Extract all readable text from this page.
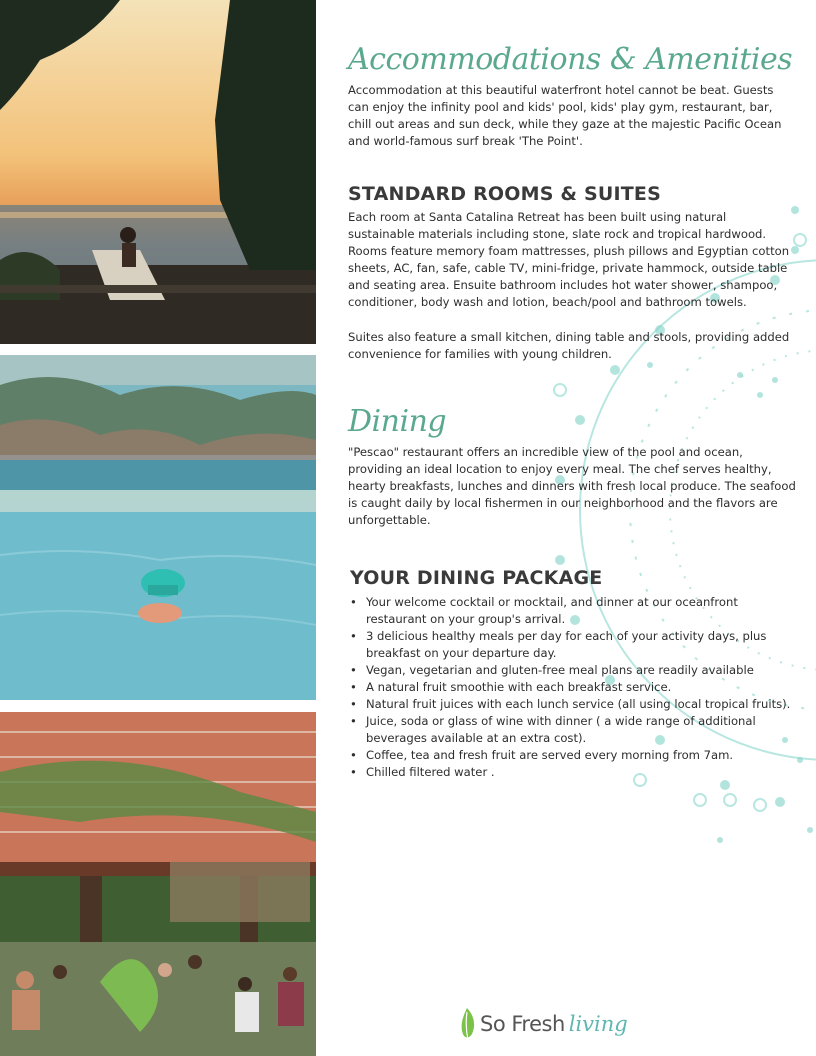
Accommodations & Amenities

Accommodation at this beautiful waterfront hotel cannot be beat. Guests can enjoy the infinity pool and kids' pool, kids' play gym, restaurant, bar, chill out areas and sun deck, while they gaze at the majestic Pacific Ocean and world-famous surf break 'The Point'.

STANDARD ROOMS & SUITES

Each room at Santa Catalina Retreat has been built using natural sustainable materials including stone, slate rock and tropical hardwood. Rooms feature memory foam mattresses, plush pillows and Egyptian cotton sheets, AC, fan, safe, cable TV, mini-fridge, private hammock, outside table and seating area. Ensuite bathroom includes hot water shower, shampoo, conditioner, body wash and lotion, beach/pool and bathroom towels.

Suites also feature a small kitchen, dining table and stools, providing added convenience for families with young children.

Dining

"Pescao" restaurant offers an incredible view of the pool and ocean, providing an ideal location to enjoy every meal. The chef serves healthy, hearty breakfasts, lunches and dinners with fresh local produce. The seafood is caught daily by local fishermen in our neighborhood and the flavors are unforgettable.

YOUR DINING PACKAGE
• Your welcome cocktail or mocktail, and dinner at our oceanfront restaurant on your group's arrival.
• 3 delicious healthy meals per day for each of your activity days, plus breakfast on your departure day.
• Vegan, vegetarian and gluten-free meal plans are readily available
• A natural fruit smoothie with each breakfast service.
• Natural fruit juices with each lunch service (all using local tropical fruits).
• Juice, soda or glass of wine with dinner ( a wide range of additional beverages available at an extra cost).
• Coffee, tea and fresh fruit are served every morning from 7am.
• Chilled filtered water .
So Fresh living
